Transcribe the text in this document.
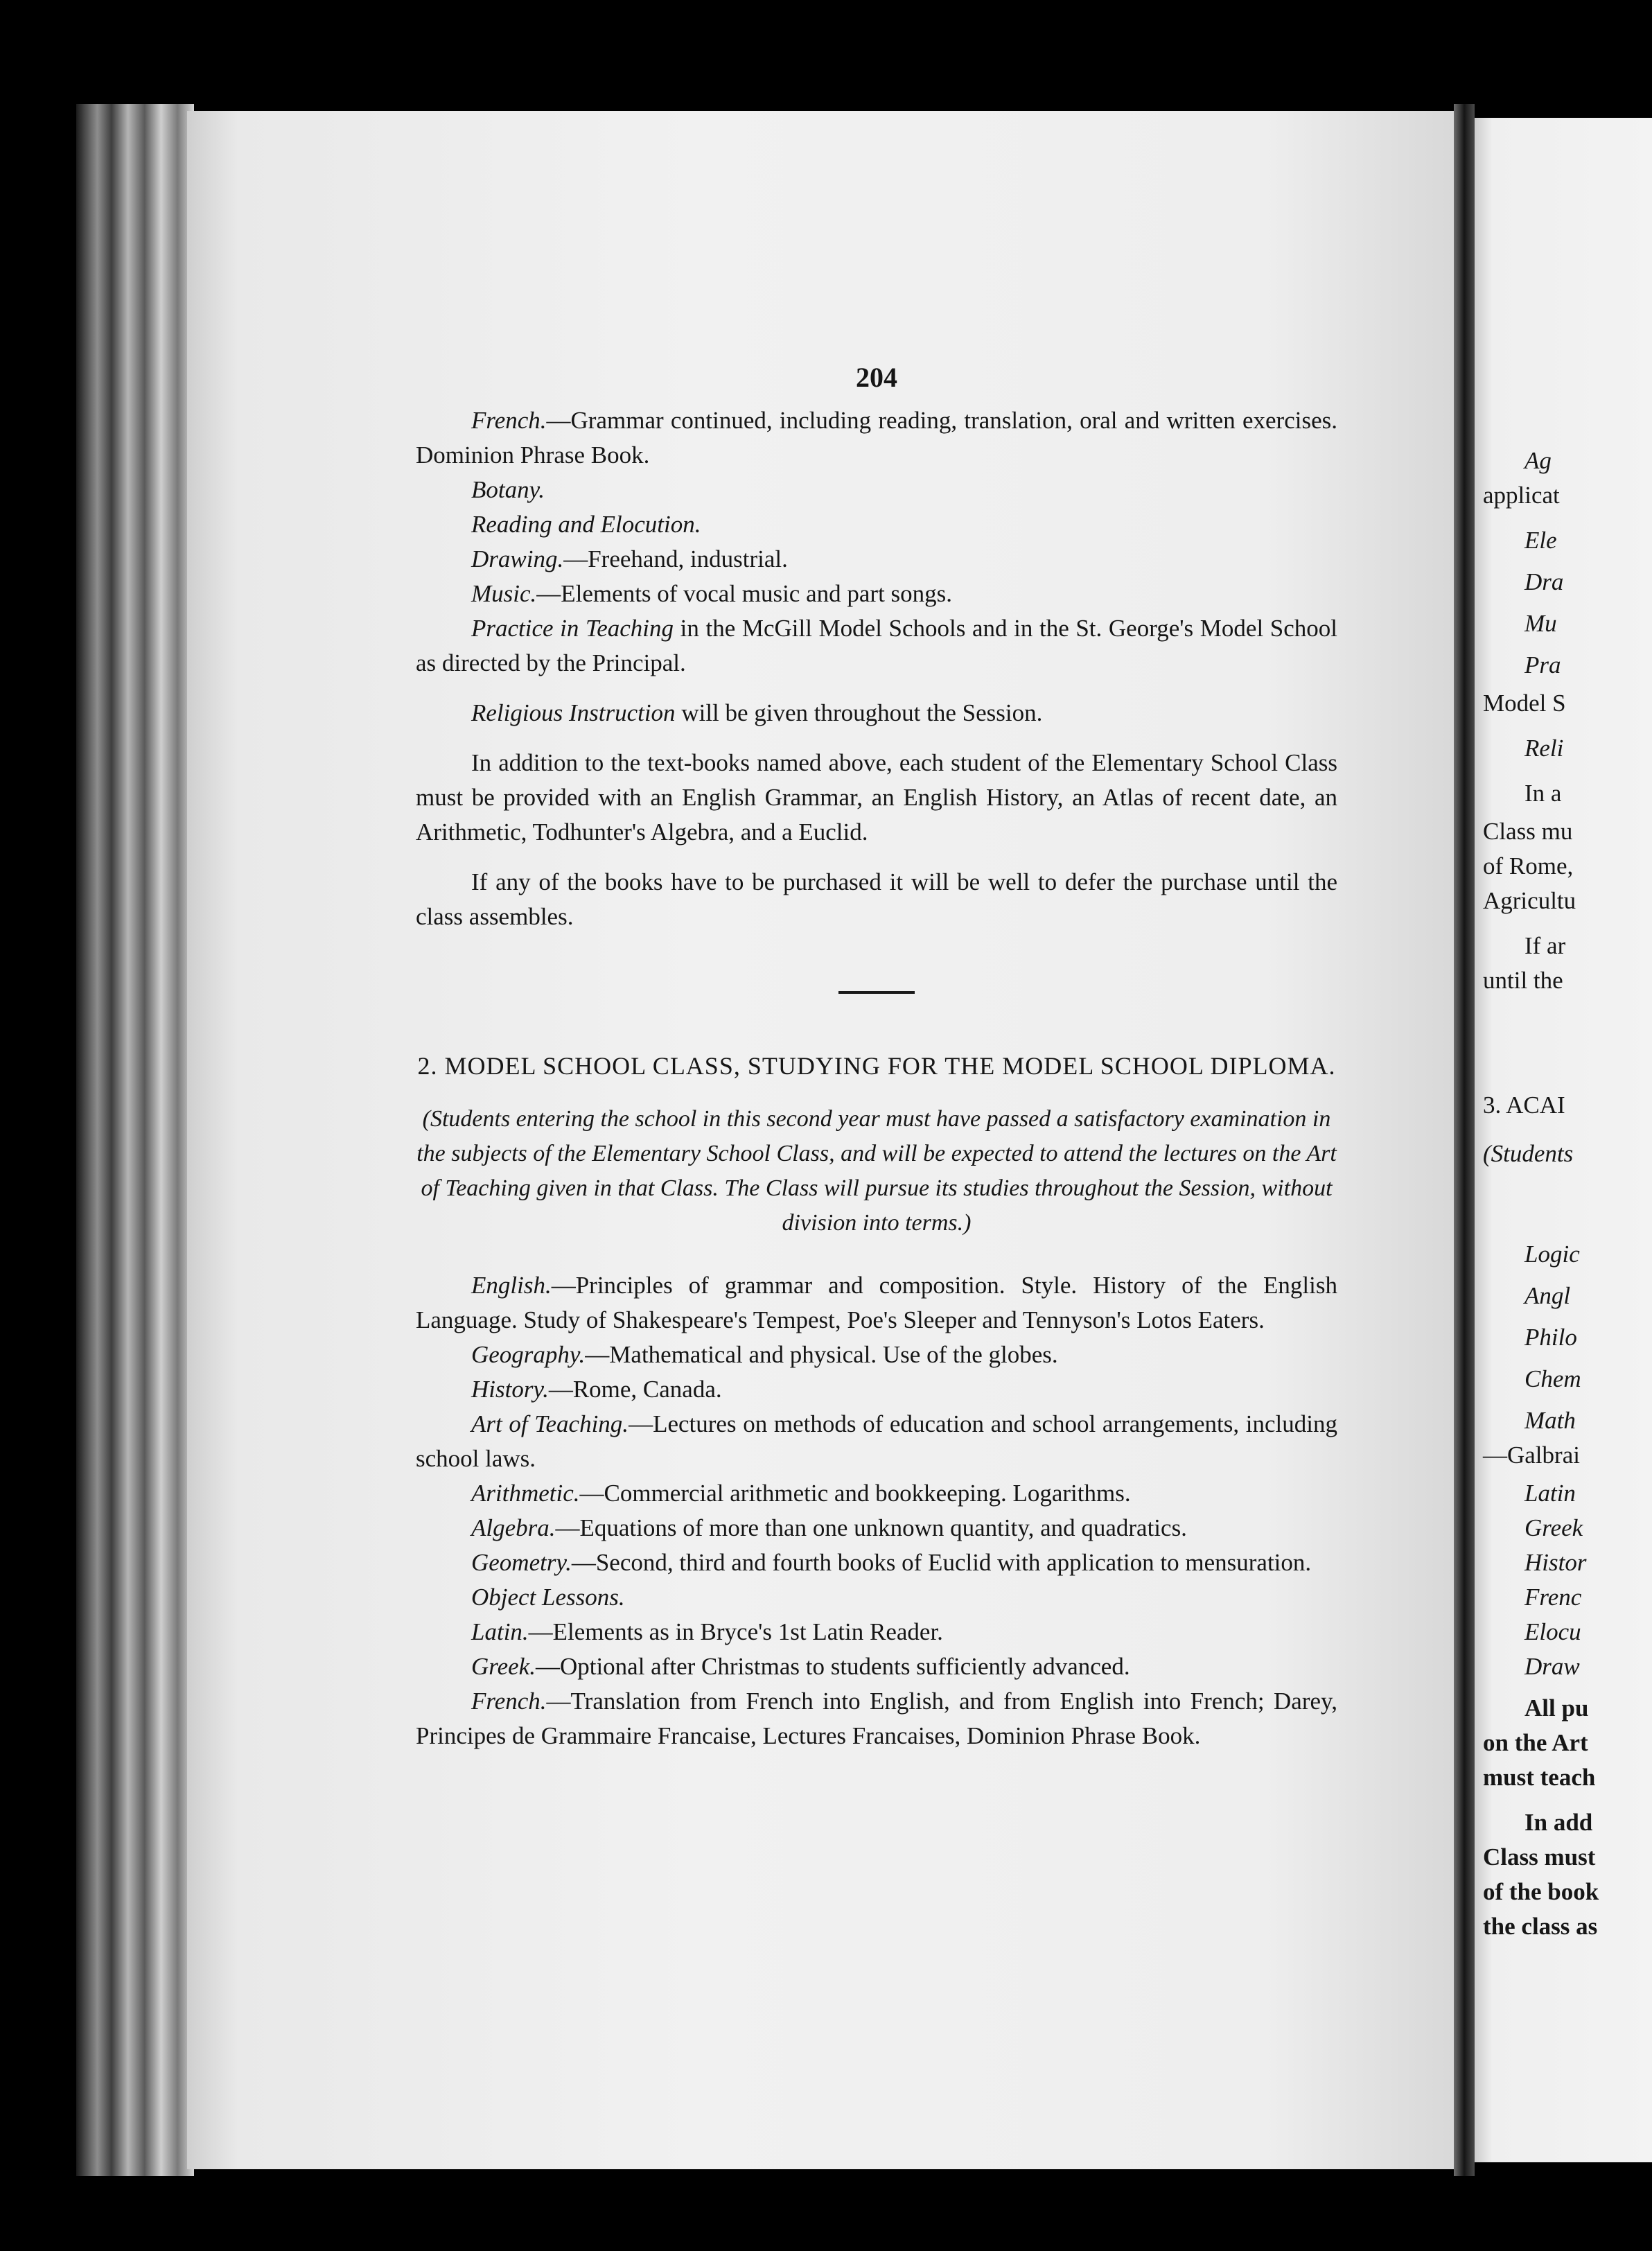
Ag
applicat
Ele
Dra
Mu
Pra
Model S
Reli
In a
Class mu
of Rome,
Agricultu
If ar
until the
3. ACAI
(Students
Logic
Angl
Philo
Chem
Math
—Galbrai
Latin
Greek
Histor
Frenc
Elocu
Draw
All pu
on the Art
must teach
In add
Class must
of the book
the class as
204

French.—Grammar continued, including reading, translation, oral and written exercises. Dominion Phrase Book.

Botany.

Reading and Elocution.

Drawing.—Freehand, industrial.

Music.—Elements of vocal music and part songs.

Practice in Teaching in the McGill Model Schools and in the St. George's Model School as directed by the Principal.

Religious Instruction will be given throughout the Session.

In addition to the text-books named above, each student of the Elementary School Class must be provided with an English Grammar, an English History, an Atlas of recent date, an Arithmetic, Todhunter's Algebra, and a Euclid.

If any of the books have to be purchased it will be well to defer the purchase until the class assembles.

2. MODEL SCHOOL CLASS, STUDYING FOR THE MODEL SCHOOL DIPLOMA.
(Students entering the school in this second year must have passed a satisfactory examination in the subjects of the Elementary School Class, and will be expected to attend the lectures on the Art of Teaching given in that Class. The Class will pursue its studies throughout the Session, without division into terms.)

English.—Principles of grammar and composition. Style. History of the English Language. Study of Shakespeare's Tempest, Poe's Sleeper and Tennyson's Lotos Eaters.

Geography.—Mathematical and physical. Use of the globes.

History.—Rome, Canada.

Art of Teaching.—Lectures on methods of education and school arrangements, including school laws.

Arithmetic.—Commercial arithmetic and bookkeeping. Logarithms.

Algebra.—Equations of more than one unknown quantity, and quadratics.

Geometry.—Second, third and fourth books of Euclid with application to mensuration.

Object Lessons.

Latin.—Elements as in Bryce's 1st Latin Reader.

Greek.—Optional after Christmas to students sufficiently advanced.

French.—Translation from French into English, and from English into French; Darey, Principes de Grammaire Francaise, Lectures Francaises, Dominion Phrase Book.
